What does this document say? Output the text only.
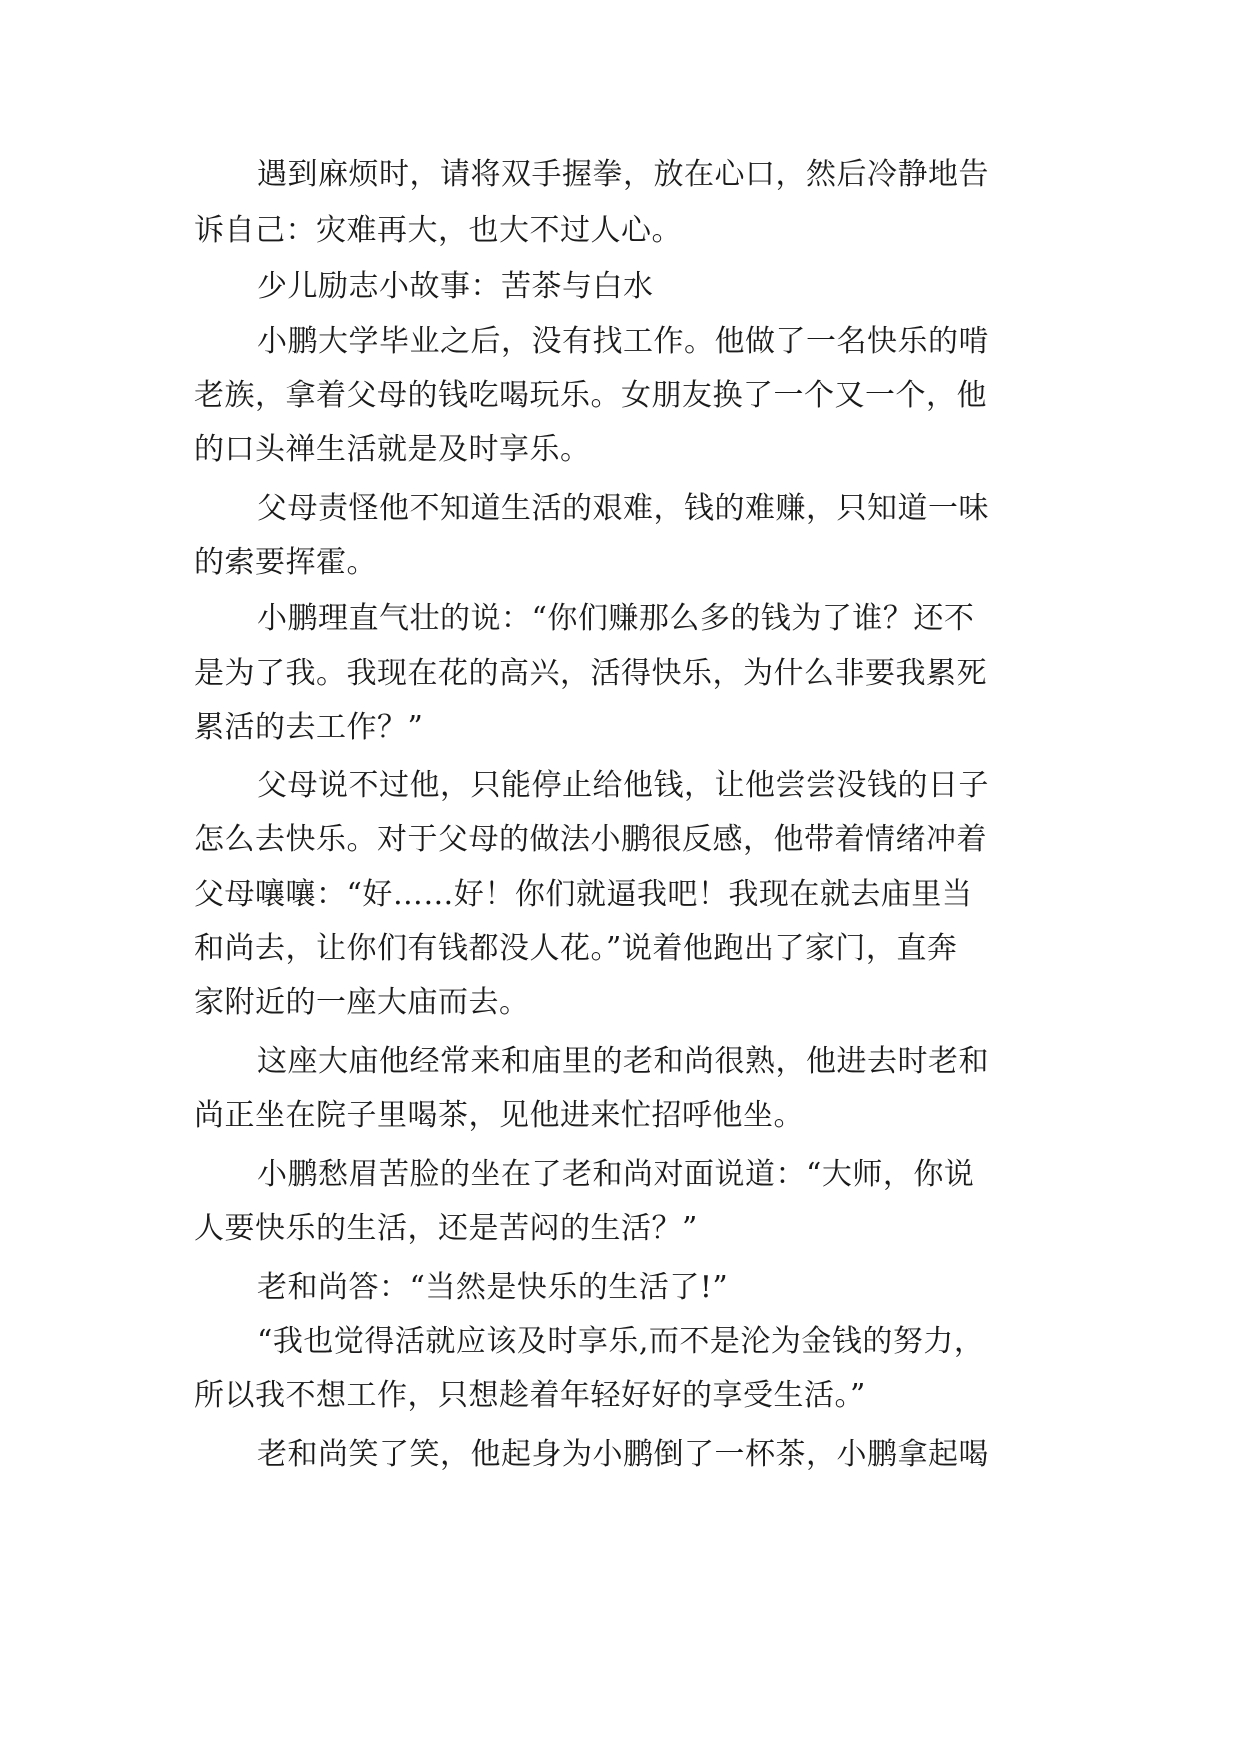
遇到麻烦时，请将双手握拳，放在心口，然后冷静地告
诉自己：灾难再大，也大不过人心。
少儿励志小故事：苦茶与白水
小鹏大学毕业之后，没有找工作。他做了一名快乐的啃
老族，拿着父母的钱吃喝玩乐。女朋友换了一个又一个，他
的口头禅生活就是及时享乐。
父母责怪他不知道生活的艰难，钱的难赚，只知道一味
的索要挥霍。
小鹏理直气壮的说：“你们赚那么多的钱为了谁？还不
是为了我。我现在花的高兴，活得快乐，为什么非要我累死
累活的去工作？”
父母说不过他，只能停止给他钱，让他尝尝没钱的日子
怎么去快乐。对于父母的做法小鹏很反感，他带着情绪冲着
父母嚷嚷：“好……好！你们就逼我吧！我现在就去庙里当
和尚去，让你们有钱都没人花。”说着他跑出了家门，直奔
家附近的一座大庙而去。
这座大庙他经常来和庙里的老和尚很熟，他进去时老和
尚正坐在院子里喝茶，见他进来忙招呼他坐。
小鹏愁眉苦脸的坐在了老和尚对面说道：“大师，你说
人要快乐的生活，还是苦闷的生活？”
老和尚答：“当然是快乐的生活了!”
“我也觉得活就应该及时享乐,而不是沦为金钱的努力，
所以我不想工作，只想趁着年轻好好的享受生活。”
老和尚笑了笑，他起身为小鹏倒了一杯茶，小鹏拿起喝
